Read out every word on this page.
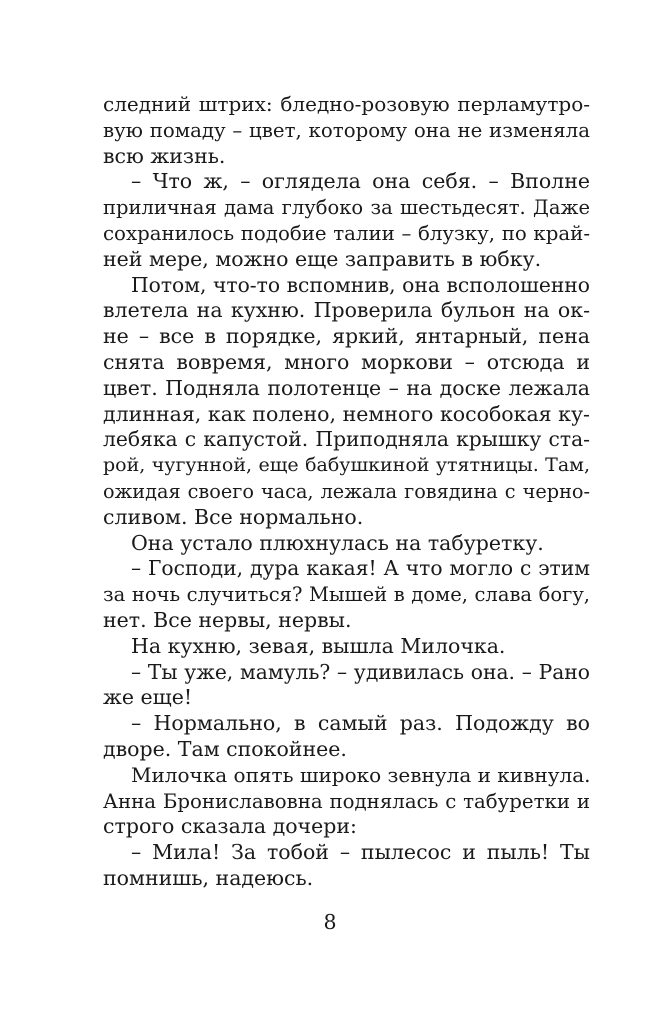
следний штрих: бледно-розовую перламутро-
вую помаду – цвет, которому она не изменяла
всю жизнь.
– Что ж, – оглядела она себя. – Вполне
приличная дама глубоко за шестьдесят. Даже
сохранилось подобие талии – блузку, по край-
ней мере, можно еще заправить в юбку.
Потом, что-то вспомнив, она всполошенно
влетела на кухню. Проверила бульон на ок-
не – все в порядке, яркий, янтарный, пена
снята вовремя, много моркови – отсюда и
цвет. Подняла полотенце – на доске лежала
длинная, как полено, немного кособокая ку-
лебяка с капустой. Приподняла крышку ста-
рой, чугунной, еще бабушкиной утятницы. Там,
ожидая своего часа, лежала говядина с черно-
сливом. Все нормально.
Она устало плюхнулась на табуретку.
– Господи, дура какая! А что могло с этим
за ночь случиться? Мышей в доме, слава богу,
нет. Все нервы, нервы.
На кухню, зевая, вышла Милочка.
– Ты уже, мамуль? – удивилась она. – Рано
же еще!
– Нормально, в самый раз. Подожду во
дворе. Там спокойнее.
Милочка опять широко зевнула и кивнула.
Анна Брониславовна поднялась с табуретки и
строго сказала дочери:
– Мила! За тобой – пылесос и пыль! Ты
помнишь, надеюсь.
8
